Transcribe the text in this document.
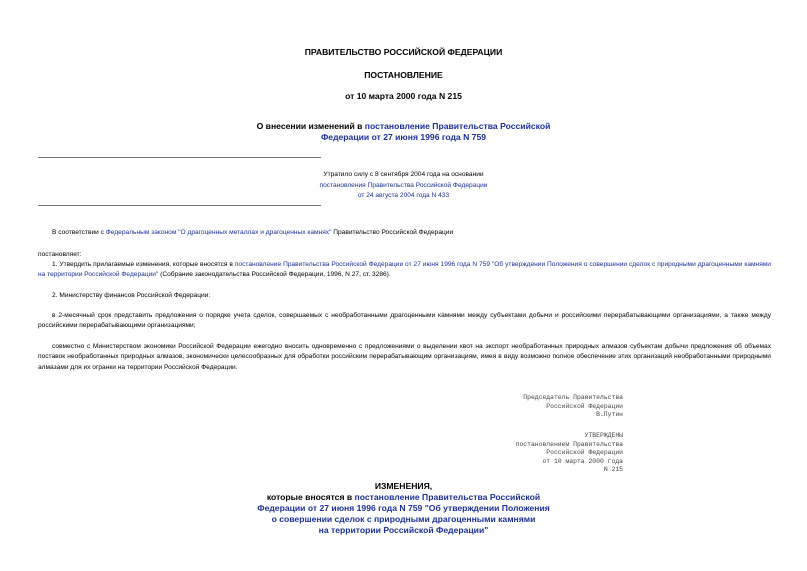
ПРАВИТЕЛЬСТВО РОССИЙСКОЙ ФЕДЕРАЦИИ
ПОСТАНОВЛЕНИЕ
от 10 марта 2000 года N 215
О внесении изменений в постановление Правительства Российской
Федерации от 27 июня 1996 года N 759
Утратило силу с 8 сентября 2004 года на основании
постановления Правительства Российской Федерации
от 24 августа 2004 года N 433
В соответствии с Федеральным законом "О драгоценных металлах и драгоценных камнях" Правительство Российской Федерации
постановляет:
1. Утвердить прилагаемые изменения, которые вносятся в постановление Правительства Российской Федерации от 27 июня 1996 года N 759 "Об утверждении Положения о совершении сделок с природными драгоценными камнями на территории Российской Федерации" (Собрание законодательства Российской Федерации, 1996, N 27, ст. 3286).
2. Министерству финансов Российской Федерации:
в 2-месячный срок представить предложения о порядке учета сделок, совершаемых с необработанными драгоценными камнями между субъектами добычи и российскими перерабатывающими организациями, а также между российскими перерабатывающими организациями;
совместно с Министерством экономики Российской Федерации ежегодно вносить одновременно с предложениями о выделении квот на экспорт необработанных природных алмазов субъектам добычи предложения об объемах поставок необработанных природных алмазов, экономически целесообразных для обработки российским перерабатывающим организациям, имея в виду возможно полное обеспечение этих организаций необработанными природными алмазами для их огранки на территории Российской Федерации.
Председатель Правительства
Российской Федерации
В.Путин
УТВЕРЖДЕНЫ
постановлением Правительства
Российской Федерации
от 10 марта 2000 года
N 215
ИЗМЕНЕНИЯ,
которые вносятся в постановление Правительства Российской
Федерации от 27 июня 1996 года N 759 "Об утверждении Положения
о совершении сделок с природными драгоценными камнями
на территории Российской Федерации"
